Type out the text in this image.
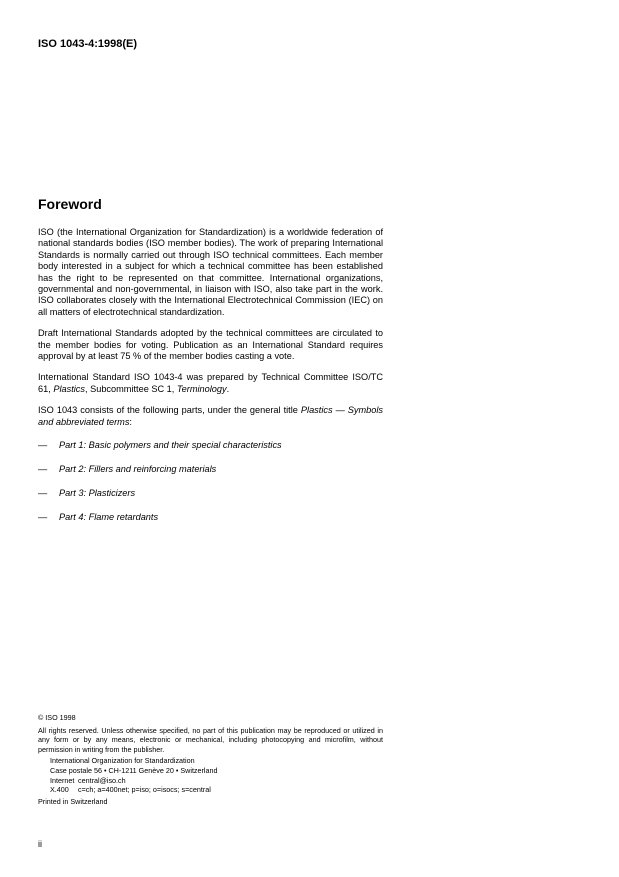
ISO 1043-4:1998(E)
Foreword

ISO (the International Organization for Standardization) is a worldwide federation of national standards bodies (ISO member bodies). The work of preparing International Standards is normally carried out through ISO technical committees. Each member body interested in a subject for which a technical committee has been established has the right to be represented on that committee. International organizations, governmental and non-governmental, in liaison with ISO, also take part in the work. ISO collaborates closely with the International Electrotechnical Commission (IEC) on all matters of electrotechnical standardization.

Draft International Standards adopted by the technical committees are circulated to the member bodies for voting. Publication as an International Standard requires approval by at least 75 % of the member bodies casting a vote.

International Standard ISO 1043-4 was prepared by Technical Committee ISO/TC 61, Plastics, Subcommittee SC 1, Terminology.

ISO 1043 consists of the following parts, under the general title Plastics — Symbols and abbreviated terms:

—	Part 1: Basic polymers and their special characteristics
—	Part 2: Fillers and reinforcing materials
—	Part 3: Plasticizers
—	Part 4: Flame retardants

© ISO 1998

All rights reserved. Unless otherwise specified, no part of this publication may be reproduced or utilized in any form or by any means, electronic or mechanical, including photocopying and microfilm, without permission in writing from the publisher.

International Organization for Standardization
Case postale 56 • CH-1211 Genève 20 • Switzerland
Internet central@iso.ch
X.400	c=ch; a=400net; p=iso; o=isocs; s=central

Printed in Switzerland

ii
